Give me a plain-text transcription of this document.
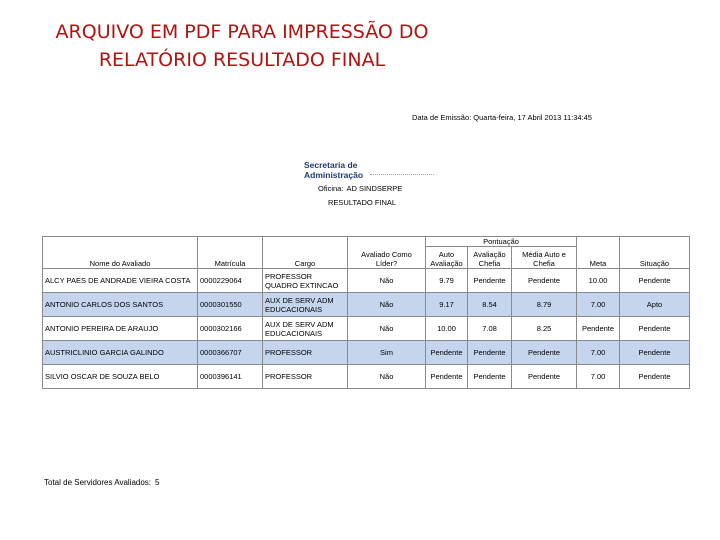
ARQUIVO EM PDF PARA IMPRESSÃO DO
RELATÓRIO RESULTADO FINAL
Data de Emissão: Quarta-feira, 17 Abril 2013 11:34:45
Secretaria de
Administração
Oficina: AD SINDSERPE
RESULTADO FINAL
Nome do Avaliado	Matrícula	Cargo	Avaliado Como Líder?	Pontuação			Meta	Situação
				Auto Avaliação	Avaliação Chefia	Média Auto e Chefia		
ALCY PAES DE ANDRADE VIEIRA COSTA	0000229064	PROFESSOR QUADRO EXTINCAO	Não	9.79	Pendente	Pendente	10.00	Pendente
ANTONIO CARLOS DOS SANTOS	0000301550	AUX DE SERV ADM EDUCACIONAIS	Não	9.17	8.54	8.79	7.00	Apto
ANTONIO PEREIRA DE ARAUJO	0000302166	AUX DE SERV ADM EDUCACIONAIS	Não	10.00	7.08	8.25	Pendente	Pendente
AUSTRICLINIO GARCIA GALINDO	0000366707	PROFESSOR	Sim	Pendente	Pendente	Pendente	7.00	Pendente
SILVIO OSCAR DE SOUZA BELO	0000396141	PROFESSOR	Não	Pendente	Pendente	Pendente	7.00	Pendente
Total de Servidores Avaliados: 5
